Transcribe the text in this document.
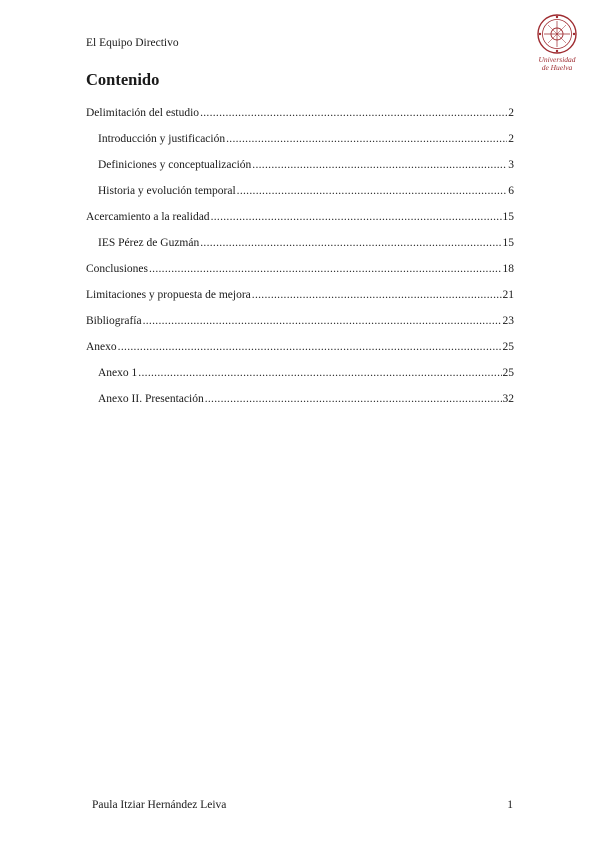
El Equipo Directivo
Universidad
de Huelva
Contenido
Delimitación del estudio .....	2
Introducción y justificación .....	2
Definiciones y conceptualización .....	3
Historia y evolución temporal .....	6
Acercamiento a la realidad .....	15
IES Pérez de Guzmán .....	15
Conclusiones .....	18
Limitaciones y propuesta de mejora .....	21
Bibliografía .....	23
Anexo .....	25
Anexo 1 .....	25
Anexo II. Presentación .....	32
Paula Itziar Hernández Leiva	1
